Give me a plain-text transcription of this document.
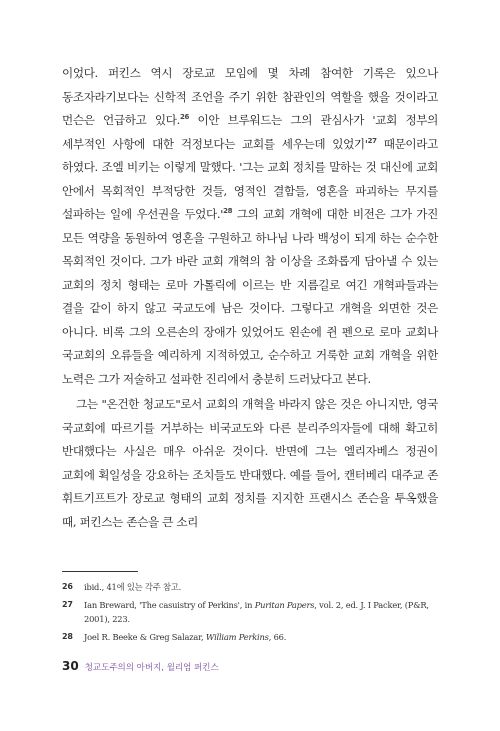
이었다. 퍼킨스 역시 장로교 모임에 몇 차례 참여한 기록은 있으나 동조자라기보다는 신학적 조언을 주기 위한 참관인의 역할을 했을 것이라고 먼슨은 언급하고 있다.$^{26}$ 이안 브루워드는 그의 관심사가 '교회 정부의 세부적인 사항에 대한 걱정보다는 교회를 세우는데 있었기'$^{27}$ 때문이라고 하였다. 조엘 비키는 이렇게 말했다. '그는 교회 정치를 말하는 것 대신에 교회 안에서 목회적인 부적당한 것들, 영적인 결함들, 영혼을 파괴하는 무지를 설파하는 일에 우선권을 두었다$.'^{28}$ 그의 교회 개혁에 대한 비전은 그가 가진 모든 역량을 동원하여 영혼을 구원하고 하나님 나라 백성이 되게 하는 순수한 목회적인 것이다. 그가 바란 교회 개혁의 참 이상을 조화롭게 담아낼 수 있는 교회의 정치 형태는 로마 가톨릭에 이르는 반 지름길로 여긴 개혁파들과는 결을 같이 하지 않고 국교도에 남은 것이다. 그렇다고 개혁을 외면한 것은 아니다. 비록 그의 오른손의 장애가 있었어도 왼손에 쥔 펜으로 로마 교회나 국교회의 오류들을 예리하게 지적하였고, 순수하고 거룩한 교회 개혁을 위한 노력은 그가 저술하고 설파한 진리에서 충분히 드러났다고 본다.

그는 "온건한 청교도"로서 교회의 개혁을 바라지 않은 것은 아니지만, 영국 국교회에 따르기를 거부하는 비국교도와 다른 분리주의자들에 대해 확고히 반대했다는 사실은 매우 아쉬운 것이다. 반면에 그는 엘리자베스 정권이 교회에 획일성을 강요하는 조치들도 반대했다. 예를 들어, 캔터베리 대주교 존 휘트기프트가 장로교 형태의 교회 정치를 지지한 프랜시스 존슨을 투옥했을 때, 퍼킨스는 존슨을 큰 소리

26	ibid., 41에 있는 각주 참고.
27	Ian Breward, 'The casuistry of Perkins', in Puritan Papers, vol. 2, ed. J. I Packer, (P&R, 2001), 223.
28	Joel R. Beeke & Greg Salazar, William Perkins, 66.
30 청교도주의의 아버지, 윌리엄 퍼킨스
